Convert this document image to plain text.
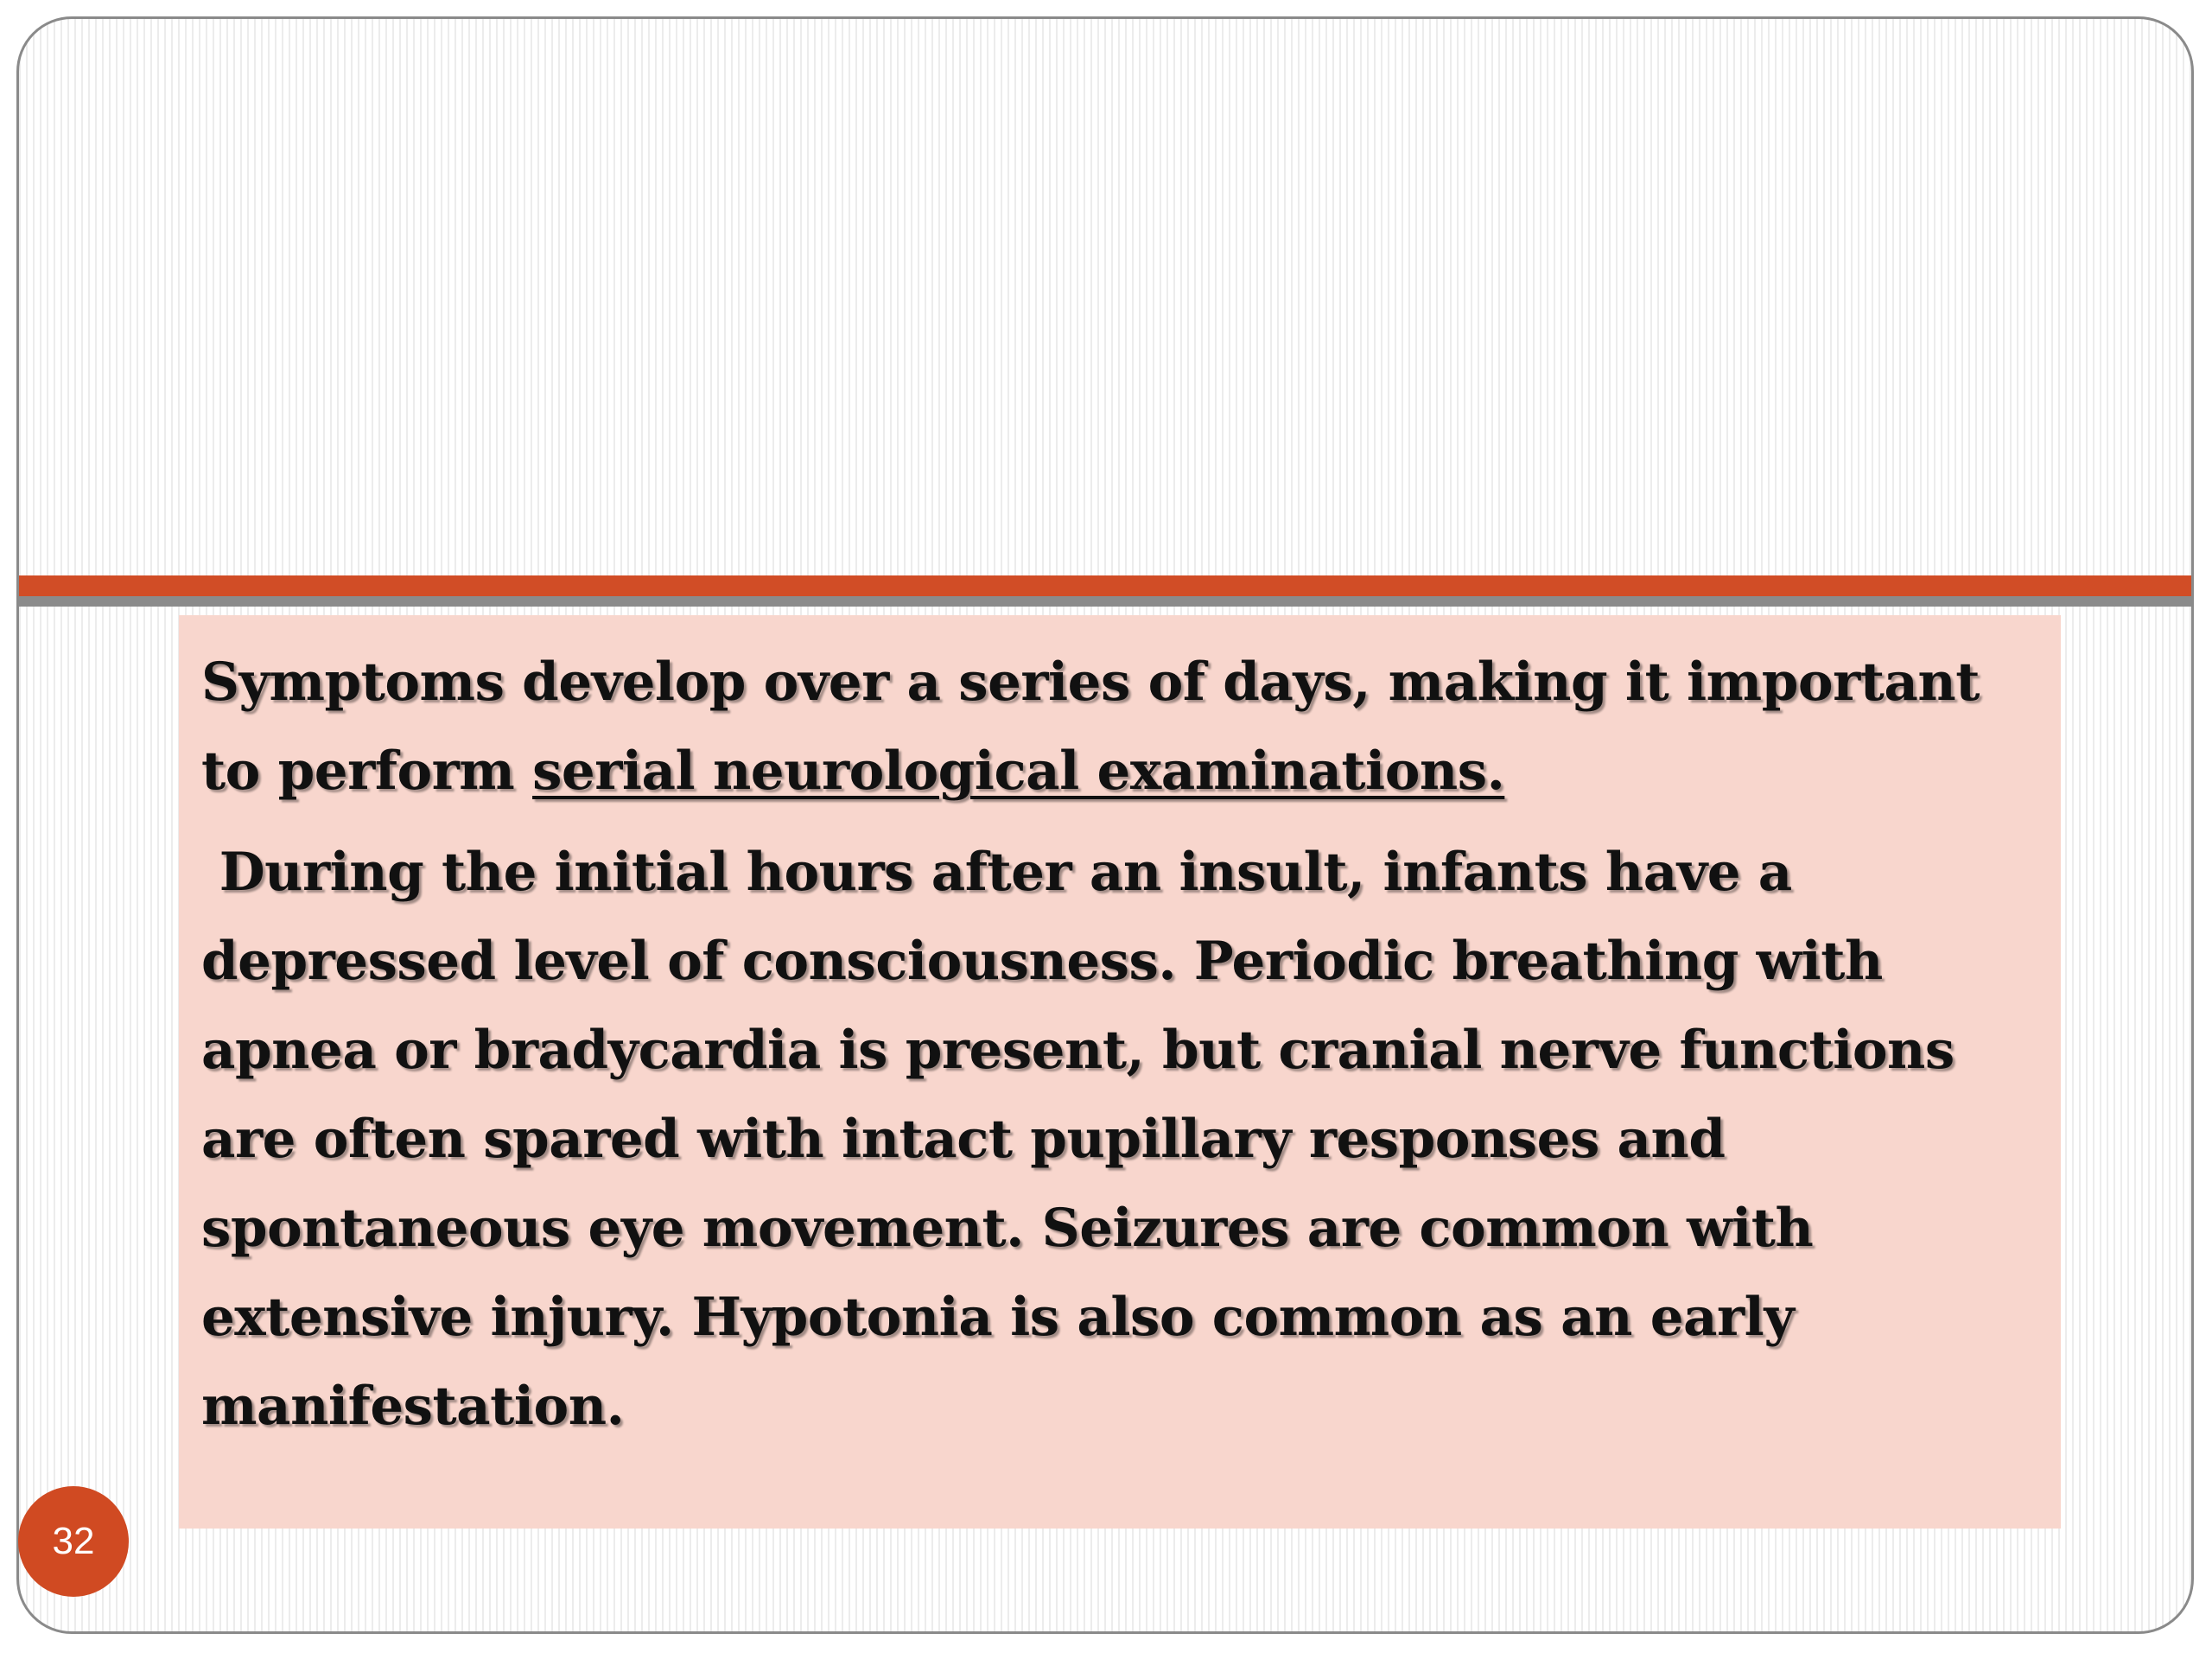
Symptoms develop over a series of days, making it important to perform serial neurological examinations.

During the initial hours after an insult, infants have a depressed level of consciousness. Periodic breathing with apnea or bradycardia is present, but cranial nerve functions are often spared with intact pupillary responses and spontaneous eye movement. Seizures are common with extensive injury. Hypotonia is also common as an early manifestation.

32
